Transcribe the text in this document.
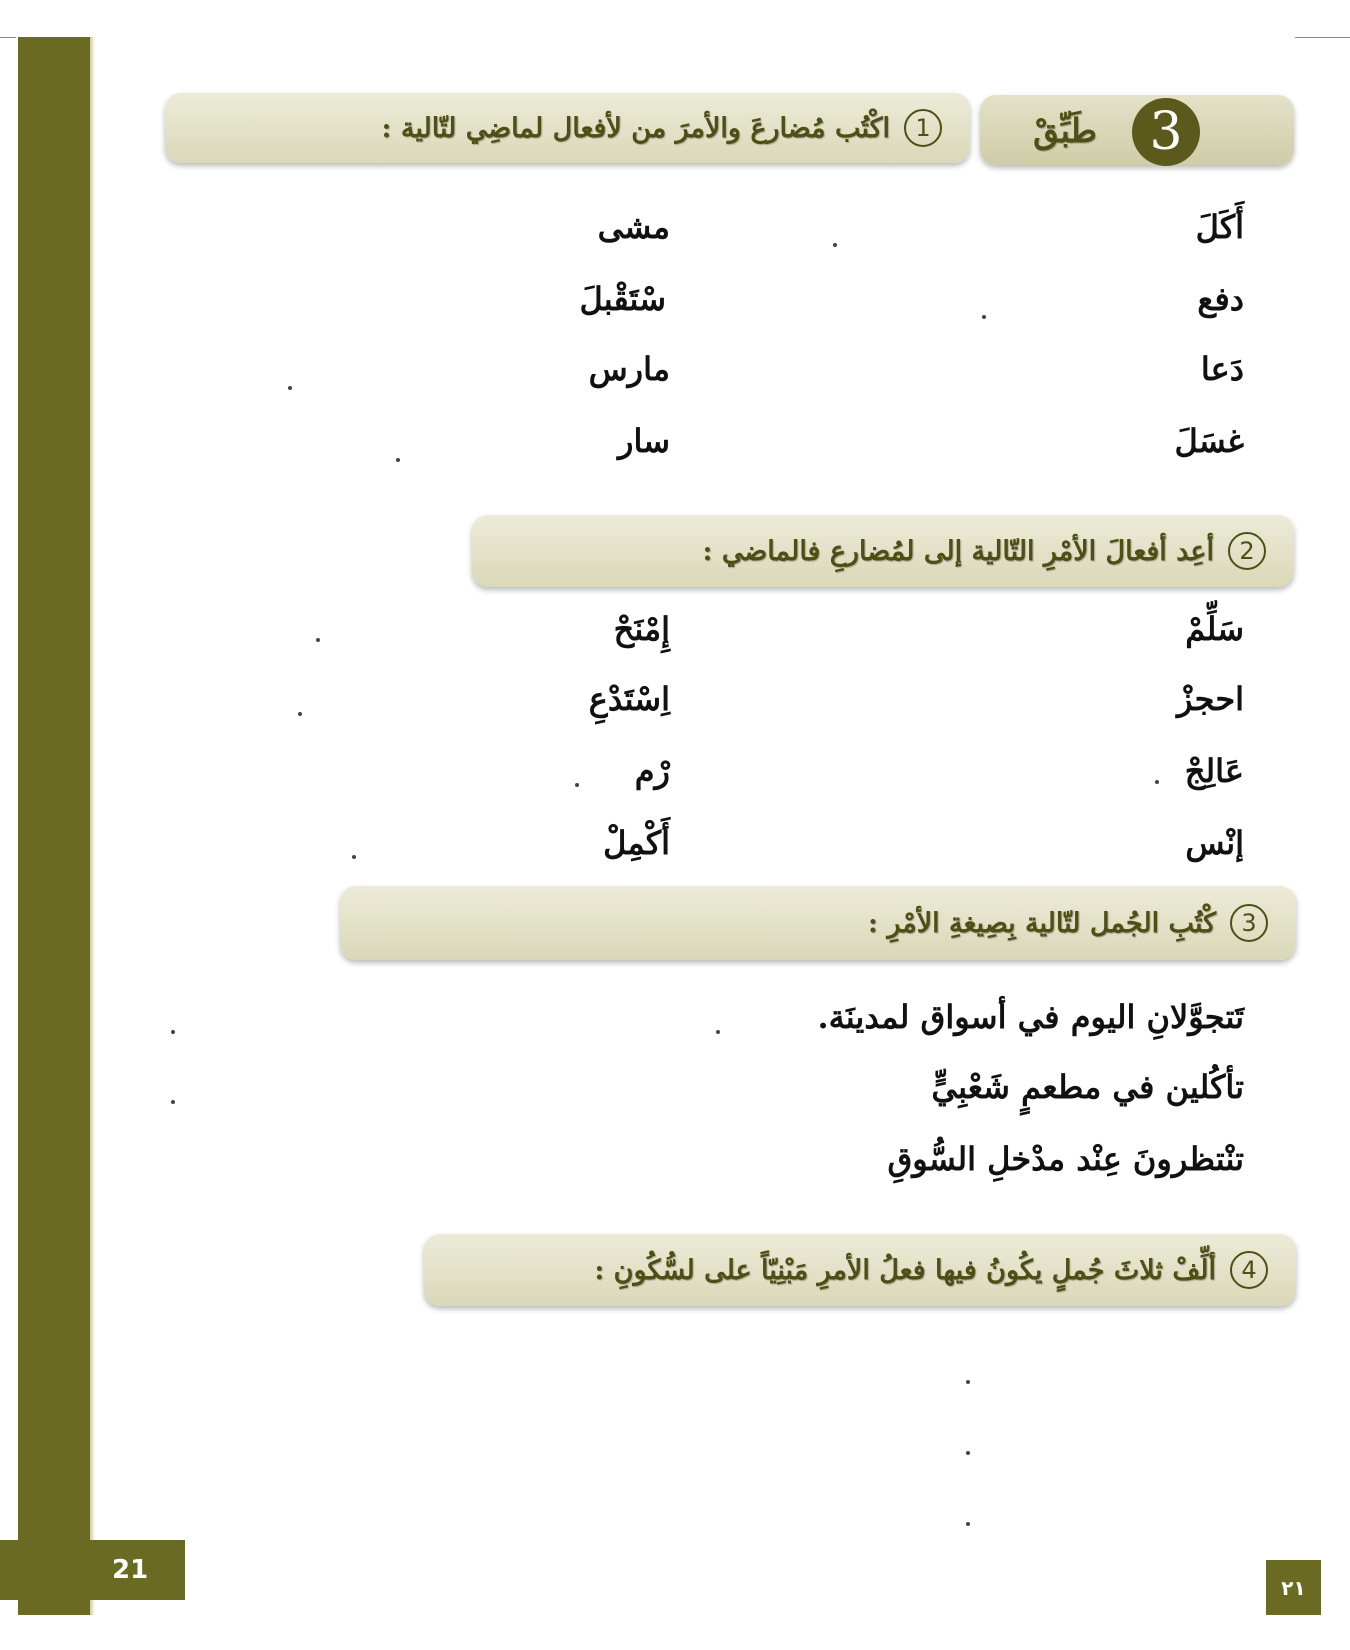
طَبِّقْ	3
1
اكْتُب مُضارعَ والأمرَ من لأفعال لماضِي لتّالية :
أَكَلَ
دفع
دَعا
غسَلَ
مشى
سْتَقْبلَ
مارس
سار
2
أعِد أفعالَ الأمْرِ التّالية إلى لمُضارعِ فالماضي :
سَلِّمْ
احجزْ
عَالِجْ
إنْس
إِمْنَحْ
اِسْتَدْعِ
رْم
أَكْمِلْ
3
كْتُبِ الجُمل لتّالية بِصِيغةِ الأمْرِ :
تَتجوَّلانِ اليوم في أسواق لمدينَة.
تأكُلين في مطعمٍ شَعْبِيٍّ
تنْتظرونَ عِنْد مدْخلِ السُّوقِ
4
ألِّفْ ثلاثَ جُملٍ يكُونُ فيها فعلُ الأمرِ مَبْنِيّاً على لسُّكُونِ :
21
٢١
